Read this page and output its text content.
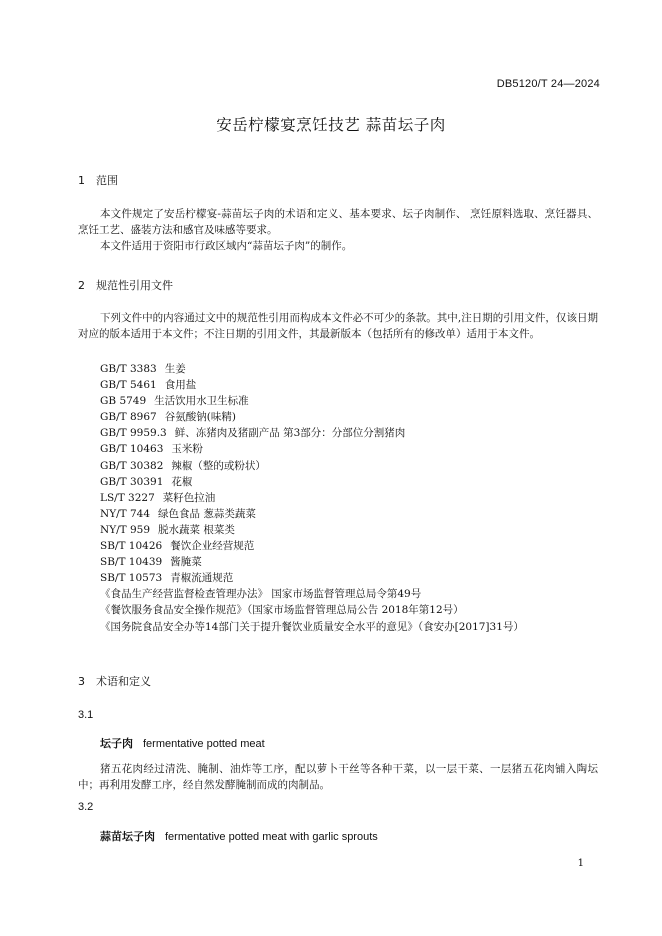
DB5120/T 24—2024
安岳柠檬宴烹饪技艺 蒜苗坛子肉
1 范围

本文件规定了安岳柠檬宴-蒜苗坛子肉的术语和定义、基本要求、坛子肉制作、 烹饪原料选取、烹饪器具、烹饪工艺、盛装方法和感官及味感等要求。

本文件适用于资阳市行政区域内“蒜苗坛子肉”的制作。

2 规范性引用文件

下列文件中的内容通过文中的规范性引用而构成本文件必不可少的条款。其中,注日期的引用文件，仅该日期对应的版本适用于本文件；不注日期的引用文件，其最新版本（包括所有的修改单）适用于本文件。

GB/T 3383 生姜
GB/T 5461 食用盐
GB 5749 生活饮用水卫生标准
GB/T 8967 谷氨酸钠(味精)
GB/T 9959.3 鲜、冻猪肉及猪副产品 第3部分：分部位分割猪肉
GB/T 10463 玉米粉
GB/T 30382 辣椒（整的或粉状）
GB/T 30391 花椒
LS/T 3227 菜籽色拉油
NY/T 744 绿色食品 葱蒜类蔬菜
NY/T 959 脱水蔬菜 根菜类
SB/T 10426 餐饮企业经营规范
SB/T 10439 酱腌菜
SB/T 10573 青椒流通规范
《食品生产经营监督检查管理办法》 国家市场监督管理总局令第49号
《餐饮服务食品安全操作规范》（国家市场监督管理总局公告 2018年第12号）
《国务院食品安全办等14部门关于提升餐饮业质量安全水平的意见》（食安办[2017]31号）
3 术语和定义
3.1
坛子肉 fermentative potted meat

猪五花肉经过清洗、腌制、油炸等工序，配以萝卜干丝等各种干菜，以一层干菜、一层猪五花肉铺入陶坛中；再利用发酵工序，经自然发酵腌制而成的肉制品。

3.2
蒜苗坛子肉 fermentative potted meat with garlic sprouts
1
